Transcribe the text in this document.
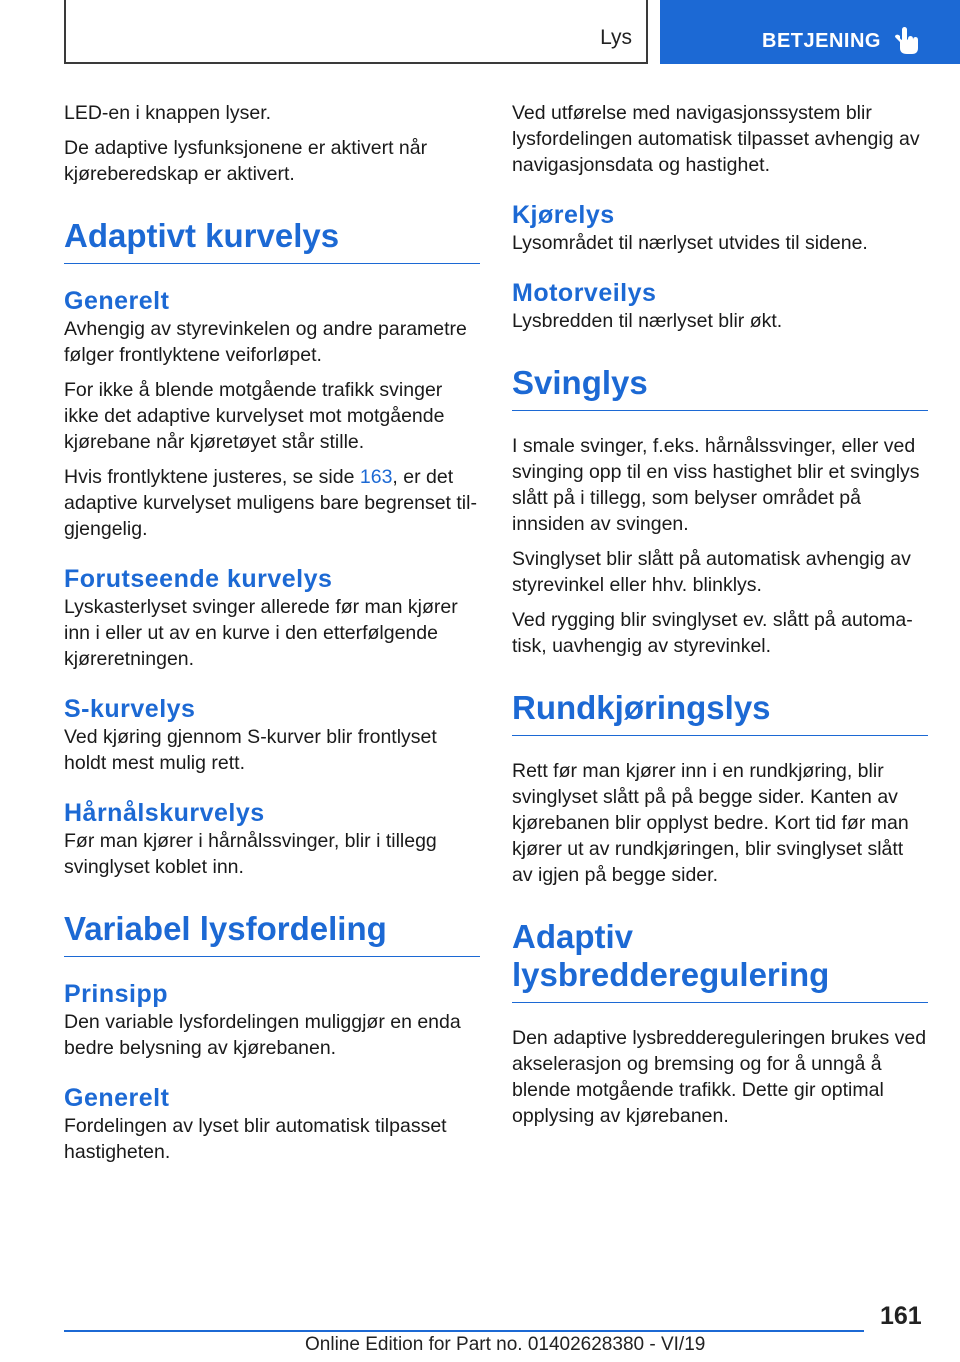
Lys	BETJENING

LED-en i knappen lyser.

De adaptive lysfunksjonene er aktivert når kjøreberedskap er aktivert.

Adaptivt kurvelys
Generelt

Avhengig av styrevinkelen og andre parametre følger frontlyktene veiforløpet.

For ikke å blende motgående trafikk svinger ikke det adaptive kurvelyset mot motgående kjørebane når kjøretøyet står stille.

Hvis frontlyktene justeres, se side 163, er det adaptive kurvelyset muligens bare begrenset tilgjengelig.

Forutseende kurvelys

Lyskasterlyset svinger allerede før man kjører inn i eller ut av en kurve i den etterfølgende kjøreretningen.

S-kurvelys

Ved kjøring gjennom S-kurver blir frontlyset holdt mest mulig rett.

Hårnålskurvelys

Før man kjører i hårnålssvinger, blir i tillegg svinglyset koblet inn.

Variabel lysfordeling
Prinsipp

Den variable lysfordelingen muliggjør en enda bedre belysning av kjørebanen.

Generelt

Fordelingen av lyset blir automatisk tilpasset hastigheten.

Ved utførelse med navigasjonssystem blir lysfordelingen automatisk tilpasset avhengig av navigasjonsdata og hastighet.

Kjørelys

Lysområdet til nærlyset utvides til sidene.

Motorveilys

Lysbredden til nærlyset blir økt.

Svinglys

I smale svinger, f.eks. hårnålssvinger, eller ved svinging opp til en viss hastighet blir et svinglys slått på i tillegg, som belyser området på innsiden av svingen.

Svinglyset blir slått på automatisk avhengig av styrevinkel eller hhv. blinklys.

Ved rygging blir svinglyset ev. slått på automatisk, uavhengig av styrevinkel.

Rundkjøringslys

Rett før man kjører inn i en rundkjøring, blir svinglyset slått på på begge sider. Kanten av kjørebanen blir opplyst bedre. Kort tid før man kjører ut av rundkjøringen, blir svinglyset slått av igjen på begge sider.

Adaptiv
lysbredderegulering

Den adaptive lysbreddereguleringen brukes ved akselerasjon og bremsing og for å unngå å blende motgående trafikk. Dette gir optimal opplysing av kjørebanen.

161
Online Edition for Part no. 01402628380 - VI/19
